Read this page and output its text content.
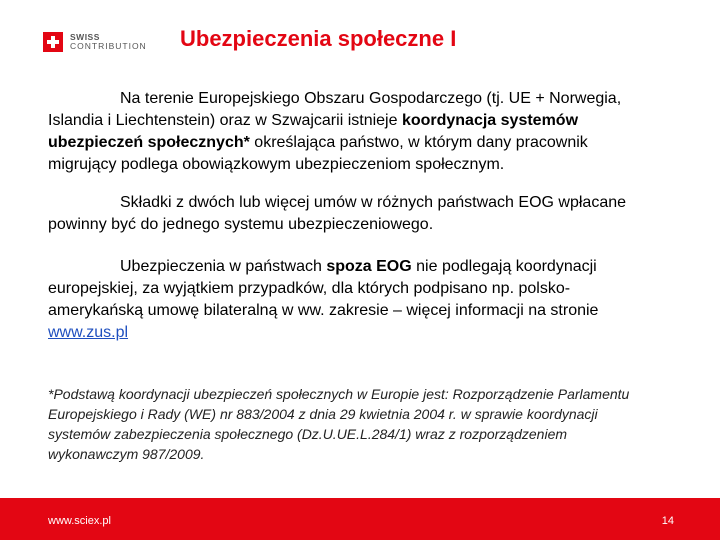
SWISS
CONTRIBUTION Ubezpieczenia społeczne I

Na terenie Europejskiego Obszaru Gospodarczego (tj. UE + Norwegia, Islandia i Liechtenstein) oraz w Szwajcarii istnieje koordynacja systemów ubezpieczeń społecznych* określająca państwo, w którym dany pracownik migrujący podlega obowiązkowym ubezpieczeniom społecznym.

Składki z dwóch lub więcej umów w różnych państwach EOG wpłacane powinny być do jednego systemu ubezpieczeniowego.

Ubezpieczenia w państwach spoza EOG nie podlegają koordynacji europejskiej, za wyjątkiem przypadków, dla których podpisano np. polsko-amerykańską umowę bilateralną w ww. zakresie – więcej informacji na stronie www.zus.pl

*Podstawą koordynacji ubezpieczeń społecznych w Europie jest: Rozporządzenie Parlamentu Europejskiego i Rady (WE) nr 883/2004 z dnia 29 kwietnia 2004 r. w sprawie koordynacji systemów zabezpieczenia społecznego (Dz.U.UE.L.284/1) wraz z rozporządzeniem wykonawczym 987/2009.

www.sciex.pl	14
